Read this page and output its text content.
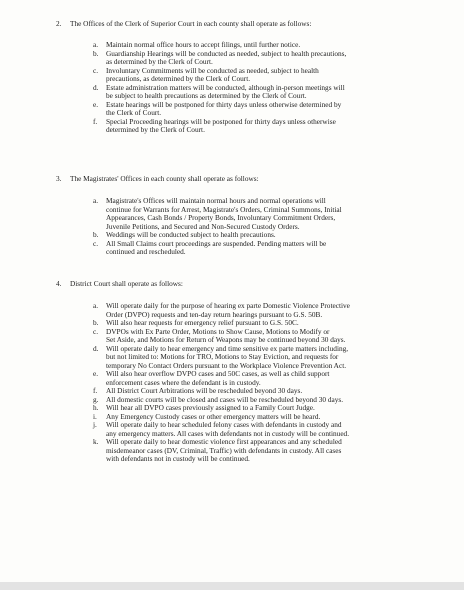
2. The Offices of the Clerk of Superior Court in each county shall operate as follows:
a. Maintain normal office hours to accept filings, until further notice.
b. Guardianship Hearings will be conducted as needed, subject to health precautions,
as determined by the Clerk of Court.
c. Involuntary Commitments will be conducted as needed, subject to health
precautions, as determined by the Clerk of Court.
d. Estate administration matters will be conducted, although in-person meetings will
be subject to health precautions as determined by the Clerk of Court.
e. Estate hearings will be postponed for thirty days unless otherwise determined by
the Clerk of Court.
f. Special Proceeding hearings will be postponed for thirty days unless otherwise
determined by the Clerk of Court.
3. The Magistrates' Offices in each county shall operate as follows:
a. Magistrate's Offices will maintain normal hours and normal operations will
continue for Warrants for Arrest, Magistrate's Orders, Criminal Summons, Initial
Appearances, Cash Bonds / Property Bonds, Involuntary Commitment Orders,
Juvenile Petitions, and Secured and Non-Secured Custody Orders.
b. Weddings will be conducted subject to health precautions.
c. All Small Claims court proceedings are suspended. Pending matters will be
continued and rescheduled.
4. District Court shall operate as follows:
a. Will operate daily for the purpose of hearing ex parte Domestic Violence Protective
Order (DVPO) requests and ten-day return hearings pursuant to G.S. 50B.
b. Will also hear requests for emergency relief pursuant to G.S. 50C.
c. DVPOs with Ex Parte Order, Motions to Show Cause, Motions to Modify or
Set Aside, and Motions for Return of Weapons may be continued beyond 30 days.
d. Will operate daily to hear emergency and time sensitive ex parte matters including,
but not limited to: Motions for TRO, Motions to Stay Eviction, and requests for
temporary No Contact Orders pursuant to the Workplace Violence Prevention Act.
e. Will also hear overflow DVPO cases and 50C cases, as well as child support
enforcement cases where the defendant is in custody.
f. All District Court Arbitrations will be rescheduled beyond 30 days.
g. All domestic courts will be closed and cases will be rescheduled beyond 30 days.
h. Will hear all DVPO cases previously assigned to a Family Court Judge.
i. Any Emergency Custody cases or other emergency matters will be heard.
j. Will operate daily to hear scheduled felony cases with defendants in custody and
any emergency matters. All cases with defendants not in custody will be continued.
k. Will operate daily to hear domestic violence first appearances and any scheduled
misdemeanor cases (DV, Criminal, Traffic) with defendants in custody. All cases
with defendants not in custody will be continued.
